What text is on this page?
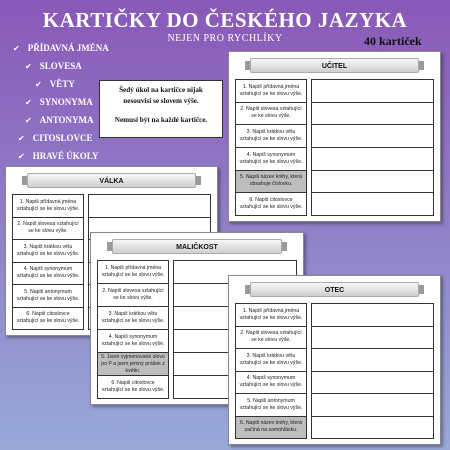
KARTIČKY DO ČESKÉHO JAZYKA
NEJEN PRO RYCHLÍKY	40 kartiček
✔ PŘÍDAVNÁ JMÉNA
✔ SLOVESA
✔ VĚTY
✔ SYNONYMA
✔ ANTONYMA
✔ CITOSLOVCE
✔ HRAVÉ ÚKOLY

Šedý úkol na kartičce nijak nesouvisí se slovem výše.

Nemusí být na každé kartičce.

UČITEL
1. Napiš přídavná jména vztahující se ke slovu výše.
2. Napiš slovesa vztahující se ke slovu výše.
3. Napiš krátkou větu vztahující se ke slovu výše.
4. Napiš synonymum vztahující se ke slovu výše.
5. Napiš název knihy, která obsahuje číslovku.
6. Napiš citoslovce vztahující se ke slovu výše.
VÁLKA
1. Napiš přídavná jména vztahující se ke slovu výše.
2. Napiš slovesa vztahující se ke slovu výše.
3. Napiš krátkou větu vztahující se ke slovu výše.
4. Napiš synonymum vztahující se ke slovu výše.
5. Napiš antonymum vztahující se ke slovu výše.
6. Napiš citoslovce vztahující se ke slovu výše.
MALIČKOST
1. Napiš přídavná jména vztahující se ke slovu výše.
2. Napiš slovesa vztahující se ke slovu výše.
3. Napiš krátkou větu vztahující se ke slovu výše.
4. Napiš synonymum vztahující se ke slovu výše.
5. Jsem vyjmenované slovo po P a jsem jemný prášek z květin.
6. Napiš citoslovce vztahující se ke slovu výše.
OTEC
1. Napiš přídavná jména vztahující se ke slovu výše.
2. Napiš slovesa vztahující se ke slovu výše.
3. Napiš krátkou větu vztahující se ke slovu výše.
4. Napiš synonymum vztahující se ke slovu výše.
5. Napiš antonymum vztahující se ke slovu výše.
6. Napiš název knihy, která začíná na samohlásku.
